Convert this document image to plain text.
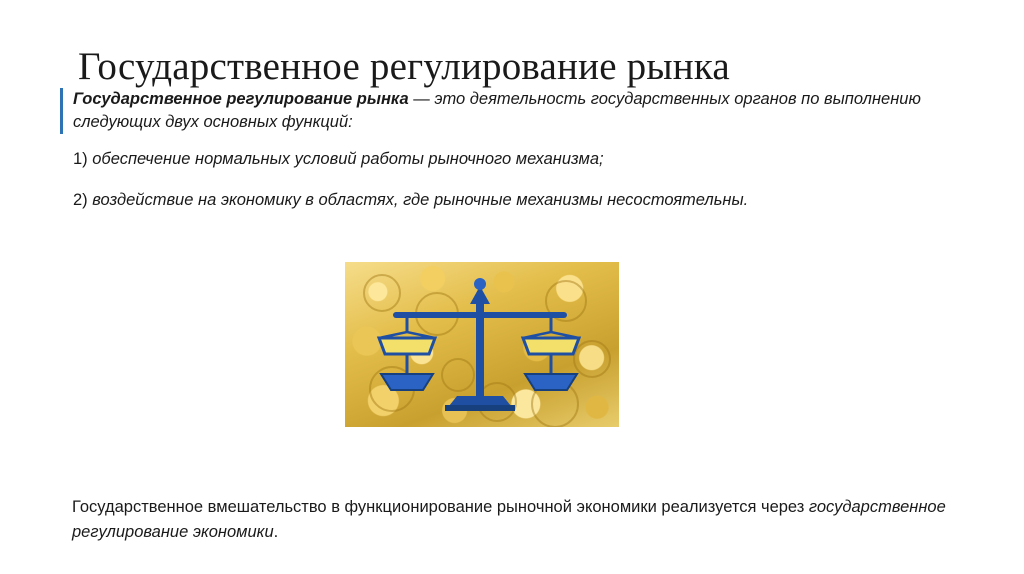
Государственное регулирование рынка

Государственное регулирование рынка — это деятельность государственных органов по выполнению следующих двух основных функций:

1) обеспечение нормальных условий работы рыночного механизма;
2) воздействие на экономику в областях, где рыночные механизмы несостоятельны.

Государственное вмешательство в функционирование рыночной экономики реализуется через государственное регулирование экономики.
